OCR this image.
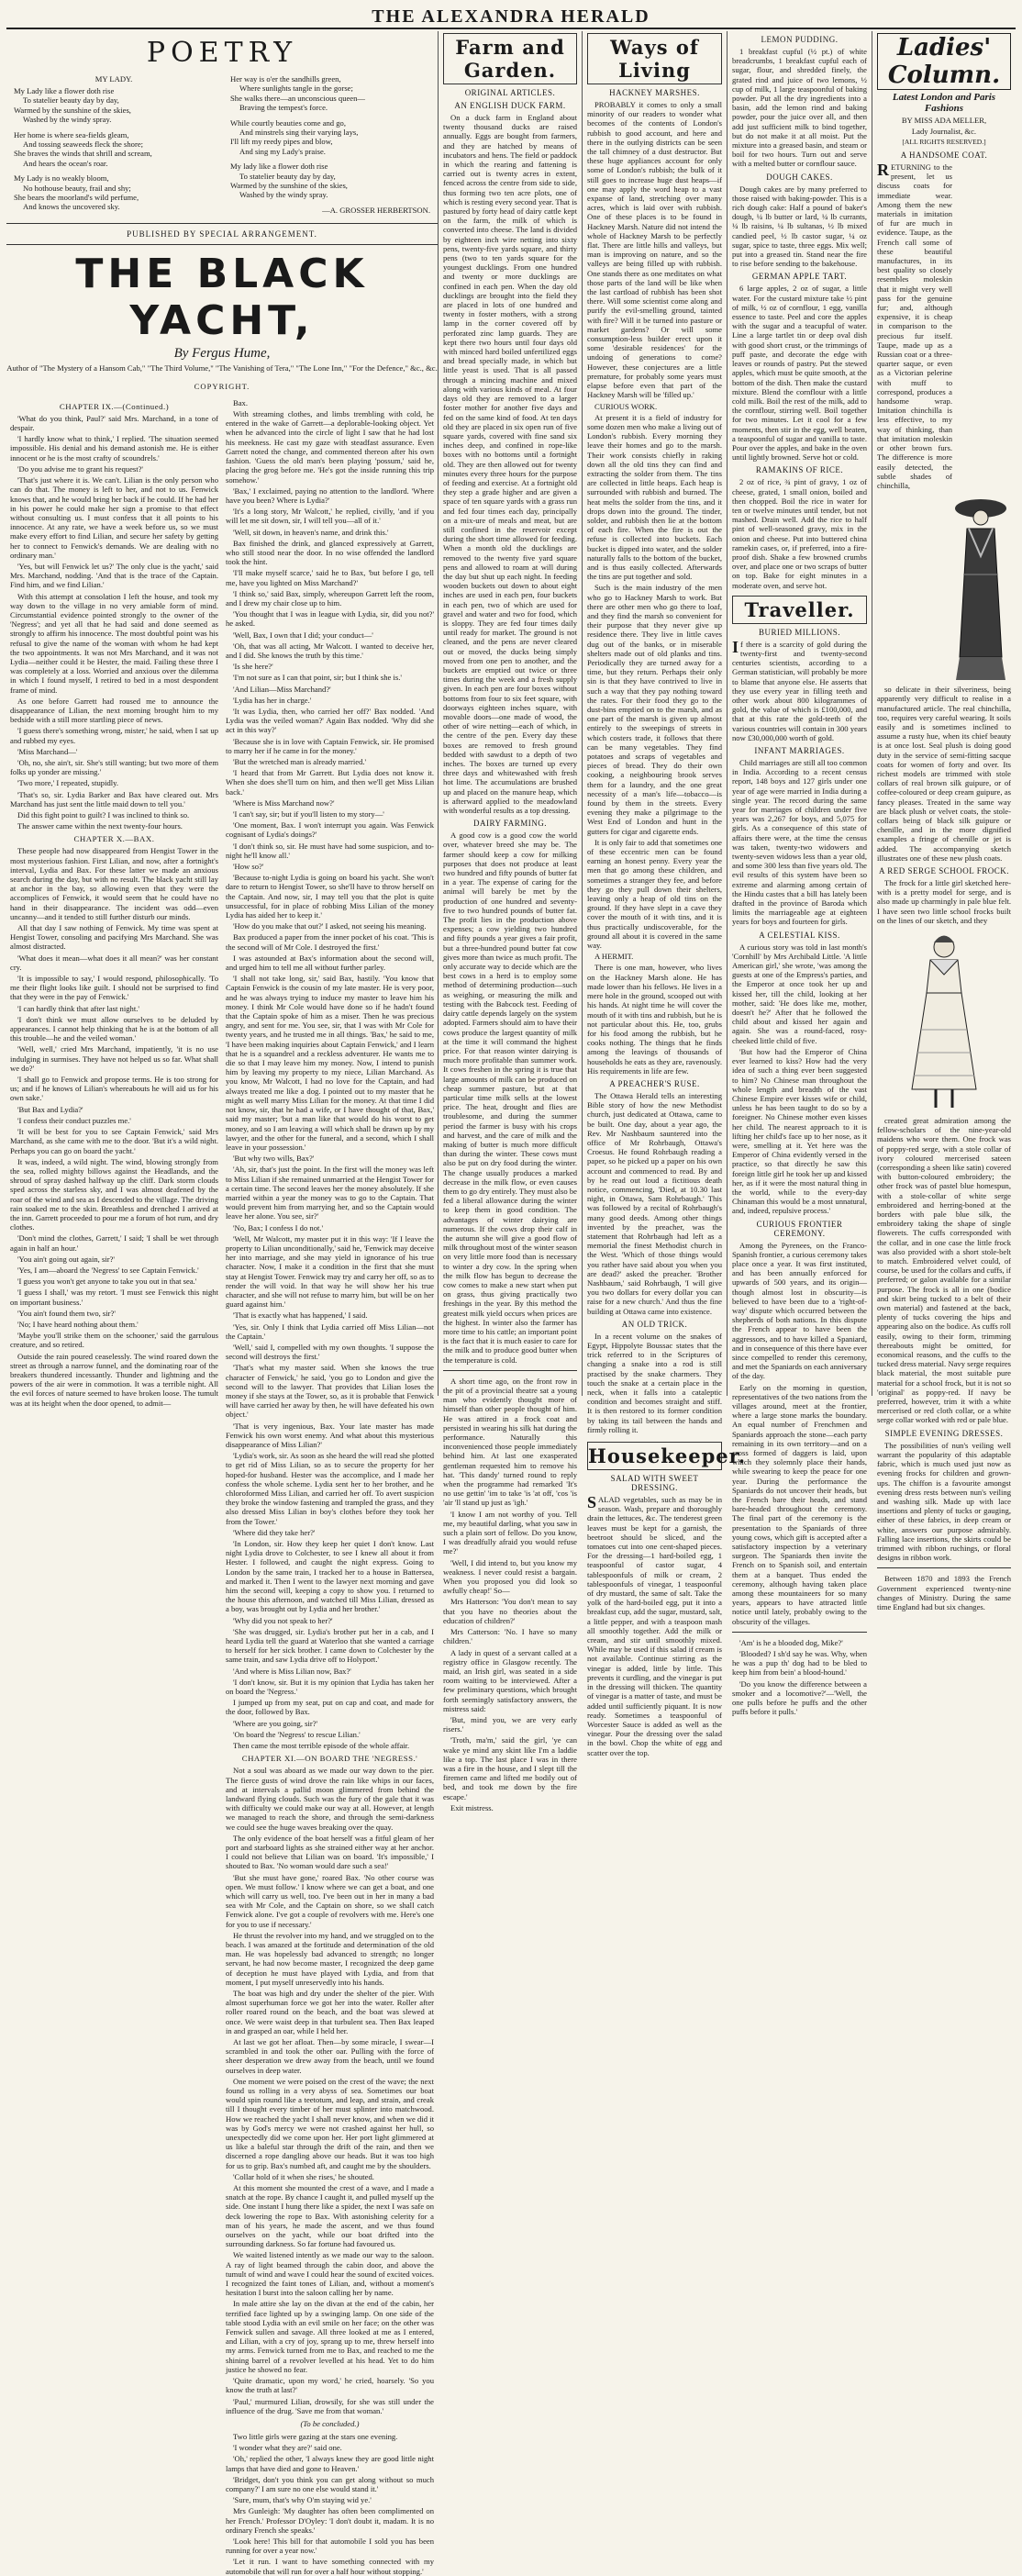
THE ALEXANDRA HERALD
POETRY
MY LADY.
My Lady like a flower doth rise
To statelier beauty day by day,
Warmed by the sunshine of the skies,
Washed by the windy spray.
Her home is where sea-fields gleam,
And tossing seaweeds fleck the shore;
She braves the winds that shrill and scream,
And hears the ocean's roar.
My Lady is no weakly bloom,
No hothouse beauty, frail and shy;
She bears the moorland's wild perfume,
And knows the uncovered sky.
Her way is o'er the sandhills green,
Where sunlights tangle in the gorse;
She walks there—an unconscious queen—
Braving the tempest's force.
While courtly beauties come and go,
And minstrels sing their varying lays,
I'll lift my reedy pipes and blow,
And sing my Lady's praise.
My lady like a flower doth rise
To statelier beauty day by day,
Warmed by the sunshine of the skies,
Washed by the windy spray.
—A. GROSSER HERBERTSON.
PUBLISHED BY SPECIAL ARRANGEMENT.
THE BLACK YACHT,
By Fergus Hume,
Author of "The Mystery of a Hansom Cab," "The Third Volume," "The Vanishing of Tera," "The Lone Inn," "For the Defence," &c., &c.
COPYRIGHT.
CHAPTER IX.—(Continued.)

'What do you think, Paul?' said Mrs. Marchand, in a tone of despair.

'I hardly know what to think,' I replied. 'The situation seemed impossible. His denial and his demand astonish me. He is either innocent or he is the most crafty of scoundrels.'

'Do you advise me to grant his request?'

'That's just where it is. We can't. Lilian is the only person who can do that. The money is left to her, and not to us. Fenwick knows that, and he would bring her back if he could. If he had her in his power he could make her sign a promise to that effect without consulting us. I must confess that it all points to his innocence. At any rate, we have a week before us, so we must make every effort to find Lilian, and secure her safety by getting her to connect to Fenwick's demands. We are dealing with no ordinary man.'

'Yes, but will Fenwick let us?' The only clue is the yacht,' said Mrs. Marchand, nodding. 'And that is the trace of the Captain. Find him, and we find Lilian.'

With this attempt at consolation I left the house, and took my way down to the village in no very amiable form of mind. Circumstantial evidence pointed strongly to the owner of the 'Negress'; and yet all that he had said and done seemed as strongly to affirm his innocence. The most doubtful point was his refusal to give the name of the woman with whom he had kept the two appointments. It was not Mrs Marchand, and it was not Lydia—neither could it be Hester, the maid. Failing these three I was completely at a loss. Worried and anxious over the dilemma in which I found myself, I retired to bed in a most despondent frame of mind.

As one before Garrett had roused me to announce the disappearance of Lilian, the next morning brought him to my bedside with a still more startling piece of news.

'I guess there's something wrong, mister,' he said, when I sat up and rubbed my eyes.

'Miss Marchand—'

'Oh, no, she ain't, sir. She's still wanting; but two more of them folks up yonder are missing.'

'Two more,' I repeated, stupidly.

'That's so, sir. Lydia Barker and Bax have cleared out. Mrs Marchand has just sent the little maid down to tell you.'

Did this fight point to guilt? I was inclined to think so.

The answer came within the next twenty-four hours.

CHAPTER X.—BAX.

These people had now disappeared from Hengist Tower in the most mysterious fashion. First Lilian, and now, after a fortnight's interval, Lydia and Bax. For these latter we made an anxious search during the day, but with no result. The black yacht still lay at anchor in the bay, so allowing even that they were the accomplices of Fenwick, it would seem that he could have no hand in their disappearance. The incident was odd—even uncanny—and it tended to still further disturb our minds.

All that day I saw nothing of Fenwick. My time was spent at Hengist Tower, consoling and pacifying Mrs Marchand. She was almost distracted.

'What does it mean—what does it all mean?' was her constant cry.

'It is impossible to say,' I would respond, philosophically. 'To me their flight looks like guilt. I should not be surprised to find that they were in the pay of Fenwick.'

'I can hardly think that after last night.'

'I don't think we must allow ourselves to be deluded by appearances. I cannot help thinking that he is at the bottom of all this trouble—he and the veiled woman.'

'Well, well,' cried Mrs Marchand, impatiently, 'it is no use indulging in surmises. They have not helped us so far. What shall we do?'

'I shall go to Fenwick and propose terms. He is too strong for us; and if he knows of Lilian's whereabouts he will aid us for his own sake.'

'But Bax and Lydia?'

'I confess their conduct puzzles me.'

'It will be best for you to see Captain Fenwick,' said Mrs Marchand, as she came with me to the door. 'But it's a wild night. Perhaps you can go on board the yacht.'

It was, indeed, a wild night. The wind, blowing strongly from the sea, rolled mighty billows against the Headlands, and the shroud of spray dashed halfway up the cliff. Dark storm clouds sped across the starless sky, and I was almost deafened by the roar of the wind and sea as I descended to the village. The driving rain soaked me to the skin. Breathless and drenched I arrived at the inn. Garrett proceeded to pour me a forum of hot rum, and dry clothes.

'Don't mind the clothes, Garrett,' I said; 'I shall be wet through again in half an hour.'

'You ain't going out again, sir?'

'Yes, I am—aboard the 'Negress' to see Captain Fenwick.'

'I guess you won't get anyone to take you out in that sea.'

'I guess I shall,' was my retort. 'I must see Fenwick this night on important business.'

'You ain't found them two, sir?'

'No; I have heard nothing about them.'

'Maybe you'll strike them on the schooner,' said the garrulous creature, and so retired.

Outside the rain poured ceaselessly. The wind roared down the street as through a narrow funnel, and the dominating roar of the breakers thundered incessantly. Thunder and lightning and the powers of the air were in commotion. It was a terrible night. All the evil forces of nature seemed to have broken loose. The tumult was at its height when the door opened, to admit—

Bax.

With streaming clothes, and limbs trembling with cold, he entered in the wake of Garrett—a deplorable-looking object. Yet when he advanced into the circle of light I saw that he had lost his meekness. He cast my gaze with steadfast assurance. Even Garrett noted the change, and commented thereon after his own fashion. 'Guess the old man's been playing 'possum,' said he, placing the grog before me. 'He's got the inside running this trip somehow.'

'Bax,' I exclaimed, paying no attention to the landlord. 'Where have you been? Where is Lydia?'

'It's a long story, Mr Walcott,' he replied, civilly, 'and if you will let me sit down, sir, I will tell you—all of it.'

'Well, sit down, in heaven's name, and drink this.'

Bax finished the drink, and glanced expressively at Garrett, who still stood near the door. In no wise offended the landlord took the hint.

'I'll make myself scarce,' said he to Bax, 'but before I go, tell me, have you lighted on Miss Marchand?'

'I think so,' said Bax, simply, whereupon Garrett left the room, and I drew my chair close up to him.

'You thought that I was in league with Lydia, sir, did you not?' he asked.

'Well, Bax, I own that I did; your conduct—'

'Oh, that was all acting, Mr Walcott. I wanted to deceive her, and I did. She knows the truth by this time.'

'Is she here?'

'I'm not sure as I can that point, sir; but I think she is.'

'And Lilian—Miss Marchand?'

'Lydia has her in charge.'

'It was Lydia, then, who carried her off?' Bax nodded. 'And Lydia was the veiled woman?' Again Bax nodded. 'Why did she act in this way?'

'Because she is in love with Captain Fenwick, sir. He promised to marry her if he came in for the money.'

'But the wretched man is already married.'

'I heard that from Mr Garrett. But Lydia does not know it. When she does she'll turn on him, and then we'll get Miss Lilian back.'

'Where is Miss Marchand now?'

'I can't say, sir; but if you'll listen to my story—'

'One moment, Bax. I won't interrupt you again. Was Fenwick cognisant of Lydia's doings?'

'I don't think so, sir. He must have had some suspicion, and to-night he'll know all.'

'How so?'

'Because to-night Lydia is going on board his yacht. She won't dare to return to Hengist Tower, so she'll have to throw herself on the Captain. And now, sir, I may tell you that the plot is quite unsuccessful, for in place of robbing Miss Lilian of the money Lydia has aided her to keep it.'

'How do you make that out?' I asked, not seeing his meaning.

Bax produced a paper from the inner pocket of his coat. 'This is the second will of Mr Cole. I destroyed the first.'

I was astounded at Bax's information about the second will, and urged him to tell me all without further parley.

'I shall not take long, sir,' said Bax, hastily. 'You know that Captain Fenwick is the cousin of my late master. He is very poor, and he was always trying to induce my master to leave him his money. I think Mr Cole would have done so if he hadn't found that the Captain spoke of him as a miser. Then he was precious angry, and sent for me. You see, sir, that I was with Mr Cole for twenty years, and he trusted me in all things. 'Bax,' he said to me, 'I have been making inquiries about Captain Fenwick,' and I learn that he is a squandrel and a reckless adventurer. He wants me to die so that I may leave him my money. Now, I intend to punish him by leaving my property to my niece, Lilian Marchand. As you know, Mr Walcott, I had no love for the Captain, and had always treated me like a dog. I pointed out to my master that he might as well marry Miss Lilian for the money. At that time I did not know, sir, that he had a wife, or I have thought of that, Bax,' said my master; 'but a man like that would do his worst to get money, and so I am leaving a will which shall be drawn up by my lawyer, and the other for the funeral, and a second, which I shall leave in your possession.'

'But why two wills, Bax?'

'Ah, sir, that's just the point. In the first will the money was left to Miss Lilian if she remained unmarried at the Hengist Tower for a certain time. The second leaves her the money absolutely. If she married within a year the money was to go to the Captain. That would prevent him from marrying her, and so the Captain would leave her alone. You see, sir?'

'No, Bax; I confess I do not.'

'Well, Mr Walcott, my master put it in this way: 'If I leave the property to Lilian unconditionally,' said he, 'Fenwick may deceive her into marriage, and she may yield in ignorance of his true character. Now, I make it a condition in the first that she must stay at Hengist Tower. Fenwick may try and carry her off, so as to render the will void. In that way he will show her his true character, and she will not refuse to marry him, but will be on her guard against him.'

'That is exactly what has happened,' I said.

'Yes, sir. Only I think that Lydia carried off Miss Lilian—not the Captain.'

'Well,' said I, compelled with my own thoughts. 'I suppose the second will destroys the first.'

'That's what my master said. When she knows the true character of Fenwick,' he said, 'you go to London and give the second will to the lawyer. That provides that Lilian loses the money if she stays at the Tower, so, as it is probable that Fenwick will have carried her away by then, he will have defeated his own object.'

'That is very ingenious, Bax. Your late master has made Fenwick his own worst enemy. And what about this mysterious disappearance of Miss Lilian?'

'Lydia's work, sir. As soon as she heard the will read she plotted to get rid of Miss Lilian, so as to secure the property for her hoped-for husband. Hester was the accomplice, and I made her confess the whole scheme. Lydia sent her to her brother, and he chloroformed Miss Lilian, and carried her off. To avert suspicion they broke the window fastening and trampled the grass, and they also dressed Miss Lilian in boy's clothes before they took her from the Tower.'

'Where did they take her?'

'In London, sir. How they keep her quiet I don't know. Last night Lydia drove to Colchester, to see I knew all about it from Hester. I followed, and caught the night express. Going to London by the same train, I tracked her to a house in Battersea, and marked it. Then I went to the lawyer next morning and gave him the second will, keeping a copy to show you. I returned to the house this afternoon, and watched till Miss Lilian, dressed as a boy, was brought out by Lydia and her brother.'

'Why did you not speak to her?'

'She was drugged, sir. Lydia's brother put her in a cab, and I heard Lydia tell the guard at Waterloo that she wanted a carriage to herself for her sick brother. I came down to Colchester by the same train, and saw Lydia drive off to Holyport.'

'And where is Miss Lilian now, Bax?'

'I don't know, sir. But it is my opinion that Lydia has taken her on board the 'Negress.'

I jumped up from my seat, put on cap and coat, and made for the door, followed by Bax.

'Where are you going, sir?'

'On board the 'Negress' to rescue Lilian.'

Then came the most terrible episode of the whole affair.

CHAPTER XI.—ON BOARD THE 'NEGRESS.'

Not a soul was aboard as we made our way down to the pier. The fierce gusts of wind drove the rain like whips in our faces, and at intervals a pallid moon glimmered from behind the landward flying clouds. Such was the fury of the gale that it was with difficulty we could make our way at all. However, at length we managed to reach the shore, and through the semi-darkness we could see the huge waves breaking over the quay.

The only evidence of the boat herself was a fitful gleam of her port and starboard lights as she strained either way at her anchor. I could not believe that Lilian was on board. 'It's impossible,' I shouted to Bax. 'No woman would dare such a sea!'

'But she must have gone,' roared Bax. 'No other course was open. We must follow.' I know where we can get a boat, and one which will carry us well, too. I've been out in her in many a bad sea with Mr Cole, and the Captain on shore, so we shall catch Fenwick alone. I've got a couple of revolvers with me. Here's one for you to use if necessary.'

He thrust the revolver into my hand, and we struggled on to the beach. I was amazed at the fortitude and determination of the old man. He was hopelessly bad advanced to strength; no longer servant, he had now become master, I recognized the deep game of deception he must have played with Lydia, and from that moment, I put myself unreservedly into his hands.

The boat was high and dry under the shelter of the pier. With almost superhuman force we got her into the water. Roller after roller roared round on the beach, and the boat was slewed at once. We were waist deep in that turbulent sea. Then Bax leaped in and grasped an oar, while I held her.

At last we got her afloat. Then—by some miracle, I swear—I scrambled in and took the other oar. Pulling with the force of sheer desperation we drew away from the beach, until we found ourselves in deep water.

One moment we were poised on the crest of the wave; the next found us rolling in a very abyss of sea. Sometimes our boat would spin round like a teetotum, and leap, and strain, and creak till I thought every timber of her must splinter into matchwood. How we reached the yacht I shall never know, and when we did it was by God's mercy we were not crashed against her hull, so unexpectedly did we come upon her. Her port light glimmered at us like a baleful star through the drift of the rain, and then we discerned a rope dangling above our heads. But it was too high for us to grip. Bax's numbed aft, and caught me by the shoulders.

'Collar hold of it when she rises,' he shouted.

At this moment she mounted the crest of a wave, and I made a snatch at the rope. By chance I caught it, and pulled myself up the side. One instant I hung there like a spider, the next I was safe on deck lowering the rope to Bax. With astonishing celerity for a man of his years, he made the ascent, and we thus found ourselves on the yacht, while our boat drifted into the surrounding darkness. So far fortune had favoured us.

We waited listened intently as we made our way to the saloon. A ray of light beamed through the cabin door, and above the tumult of wind and wave I could hear the sound of excited voices. I recognized the faint tones of Lilian, and, without a moment's hesitation I burst into the saloon calling her by name.

In male attire she lay on the divan at the end of the cabin, her terrified face lighted up by a swinging lamp. On one side of the table stood Lydia with an evil smile on her face; on the other was Fenwick sullen and savage. All three looked at me as I entered, and Lilian, with a cry of joy, sprang up to me, threw herself into my arms. Fenwick turned from me to Bax, and reached to me the shining barrel of a revolver levelled at his head. Yet to do him justice he showed no fear.

'Quite dramatic, upon my word,' he cried, hoarsely. 'So you know the truth at last?'

'Paul,' murmured Lilian, drowsily, for she was still under the influence of the drug. 'Save me from that woman.'

(To be concluded.)

Two little girls were gazing at the stars one evening.

'I wonder what they are?' said one.

'Oh,' replied the other, 'I always knew they are good little night lamps that have died and gone to Heaven.'

'Bridget, don't you think you can get along without so much company?' I am sure no one else would stand it.'

'Sure, mum, that's why O'm staying wid ye.'

Mrs Gunleigh: 'My daughter has often been complimented on her French.' Professor D'Oyley: 'I don't doubt it, madam. It is no ordinary French she speaks.'

'Look here! This bill for that automobile I sold you has been running for over a year now.'

'Let it run. I want to have something connected with my automobile that will run for over a half hour without stopping.'

Farm and Garden.
ORIGINAL ARTICLES.
AN ENGLISH DUCK FARM.

On a duck farm in England about twenty thousand ducks are raised annually. Eggs are bought from farmers, and they are hatched by means of incubators and hens. The field or paddock in which the rearing and fattening is carried out is twenty acres in extent, fenced across the centre from side to side, thus forming two ten acre plots, one of which is resting every second year. That is pastured by forty head of dairy cattle kept on the farm, the milk of which is converted into cheese. The land is divided by eighteen inch wire netting into sixty pens, twenty-five yards square, and thirty pens (two to ten yards square for the youngest ducklings. From one hundred and twenty or more ducklings are confined in each pen. When the day old ducklings are brought into the field they are placed in lots of one hundred and twenty in foster mothers, with a strong lamp in the corner covered off by perforated zinc lamp guards. They are kept there two hours until four days old with minced hard boiled unfertilized eggs and bread specially made, in which but little yeast is used. That is all passed through a mincing machine and mixed along with various kinds of meal. At four days old they are removed to a larger foster mother for another five days and fed on the same kind of food. At ten days old they are placed in six open run of five square yards, covered with fine sand six inches deep, and confined in rope-like boxes with no bottoms until a fortnight old. They are then allowed out for twenty minutes every three hours for the purpose of feeding and exercise. At a fortnight old they step a grade higher and are given a space of ten square yards with a grass run and fed four times each day, principally on a mix-ure of meals and meat, but are still confined in the reservoir except during the short time allowed for feeding. When a month old the ducklings are removed to the twenty five yard square pens and allowed to roam at will during the day but shut up each night. In feeding wooden buckets out down to about eight inches are used in each pen, four buckets in each pen, two of which are used for gravel and water and two for food, which is sloppy. They are fed four times daily until ready for market. The ground is not cleaned, and the pens are never cleared out or moved, the ducks being simply moved from one pen to another, and the buckets are emptied out twice or three times during the week and a fresh supply given. In each pen are four boxes without bottoms from four to six feet square, with doorways eighteen inches square, with movable doors—one made of wood, the other of wire netting—each of which, in the centre of the pen. Every day these boxes are removed to fresh ground bedded with sawdust to a depth of two inches. The boxes are turned up every three days and whitewashed with fresh hot lime. The accumulations are brushed up and placed on the manure heap, which is afterward applied to the meadowland with wonderful results as a top dressing.

DAIRY FARMING.

A good cow is a good cow the world over, whatever breed she may be. The farmer should keep a cow for milking purposes that does not produce at least two hundred and fifty pounds of butter fat in a year. The expense of caring for the animal will barely be met by the production of one hundred and seventy-five to two hundred pounds of butter fat. The profit lies in the production above expenses; a cow yielding two hundred and fifty pounds a year gives a fair profit, but a three-hundred pound butter fat cow gives more than twice as much profit. The only accurate way to decide which are the best cows in a herd is to employ some method of determining production—such as weighing, or measuring the milk and testing with the Babcock test. Feeding of dairy cattle depends largely on the system adopted. Farmers should aim to have their cows produce the largest quantity of milk at the time it will command the highest price. For that reason winter dairying is much more profitable than summer work. It cows freshen in the spring it is true that large amounts of milk can be produced on cheap summer pasture, but at that particular time milk sells at the lowest price. The heat, drought and flies are troublesome, and during the summer period the farmer is busy with his crops and harvest, and the care of milk and the making of butter is much more difficult than during the winter. These cows must also be put on dry food during the winter. The change usually produces a marked decrease in the milk flow, or even causes them to go dry entirely. They must also be fed a liberal allowance during the winter to keep them in good condition. The advantages of winter dairying are numerous. If the cows drop their calf in the autumn she will give a good flow of milk throughout most of the winter season on very little more food than is necessary to winter a dry cow. In the spring when the milk flow has begun to decrease the cow comes to make a new start when put on grass, thus giving practically two freshings in the year. By this method the greatest milk yield occurs when prices are the highest. In winter also the farmer has more time to his cattle; an important point is the fact that it is much easier to care for the milk and to produce good butter when the temperature is cold.

A short time ago, on the front row in the pit of a provincial theatre sat a young man who evidently thought more of himself than other people thought of him. He was attired in a frock coat and persisted in wearing his silk hat during the performance. Naturally this inconvenienced those people immediately behind him. At last one exasperated gentleman requested him to remove his hat. 'This dandy' turned round to reply when the programme had remarked 'It's no use gettin' 'im to take 'is 'at off, 'cos 'is 'air 'll stand up just as 'igh.'

'I know I am not worthy of you. Tell me, my beautiful darling, what you saw in such a plain sort of fellow. Do you know, I was dreadfully afraid you would refuse me?'

'Well, I did intend to, but you know my weakness. I never could resist a bargain. When you proposed you did look so awfully cheap!' So—

Mrs Hatterson: 'You don't mean to say that you have no theories about the education of children?'

Mrs Catterson: 'No. I have so many children.'

A lady in quest of a servant called at a registry office in Glasgow recently. The maid, an Irish girl, was seated in a side room waiting to be interviewed. After a few preliminary questions, which brought forth seemingly satisfactory answers, the mistress said:

'But, mind you, we are very early risers.'

'Troth, ma'm,' said the girl, 'ye can wake ye mind any skint like I'm a laddie like a top. The last place I was in there was a fire in the house, and I slept till the firemen came and lifted me bodily out of bed, and took me down by the fire escape.'

Exit mistress.

Ways of Living
HACKNEY MARSHES.

PROBABLY it comes to only a small minority of our readers to wonder what becomes of the contents of London's rubbish to good account, and here and there in the outlying districts can be seen the tall chimney of a dust destructor. But these huge appliances account for only some of London's rubbish; the bulk of it still goes to increase huge dust heaps—if one may apply the word heap to a vast expanse of land, stretching over many acres, which is laid over with rubbish. One of these places is to be found in Hackney Marsh. Nature did not intend the whole of Hackney Marsh to be perfectly flat. There are little hills and valleys, but man is improving on nature, and so the valleys are being filled up with rubbish. One stands there as one meditates on what those parts of the land will be like when the last cartload of rubbish has been shot there. Will some scientist come along and purify the evil-smelling ground, tainted with fire? Will it be turned into pasture or market gardens? Or will some consumption-less builder erect upon it some 'desirable residences' for the undoing of generations to come? However, these conjectures are a little premature, for probably some years must elapse before even that part of the Hackney Marsh will be 'filled up.'

CURIOUS WORK.

At present it is a field of industry for some dozen men who make a living out of London's rubbish. Every morning they leave their homes and go to the marsh. Their work consists chiefly in raking down all the old tins they can find and extracting the solder from them. The tins are collected in little heaps. Each heap is surrounded with rubbish and burned. The heat melts the solder from the tins, and it drops down into the ground. The tinder, solder, and rubbish then lie at the bottom of each fire. When the fire is out the refuse is collected into buckets. Each bucket is dipped into water, and the solder naturally falls to the bottom of the bucket, and is thus easily collected. Afterwards the tins are put together and sold.

Such is the main industry of the men who go to Hackney Marsh to work. But there are other men who go there to loaf, and they find the marsh so convenient for their purpose that they never give up residence there. They live in little caves dug out of the banks, or in miserable shelters made out of old planks and tins. Periodically they are turned away for a time, but they return. Perhaps their only sin is that they have contrived to live in such a way that they pay nothing toward the rates. For their food they go to the dust-bins emptied on to the marsh, and as one part of the marsh is given up almost entirely to the sweepings of streets in which costers trade, it follows that there can be many vegetables. They find potatoes and scraps of vegetables and pieces of bread. They do their own cooking, a neighbouring brook serves them for a laundry, and the one great necessity of a man's life—tobacco—is found by them in the streets. Every evening they make a pilgrimage to the West End of London and hunt in the gutters for cigar and cigarette ends.

It is only fair to add that sometimes one of these eccentric men can be found earning an honest penny. Every year the men that go among these children, and sometimes a stranger they fee, and before they go they pull down their shelters, leaving only a heap of old tins on the ground. If they have slept in a cave they cover the mouth of it with tins, and it is thus practically undiscoverable, for the ground all about it is covered in the same way.

A HERMIT.

There is one man, however, who lives on the Hackney Marsh alone. He has made lower than his fellows. He lives in a mere hole in the ground, scooped out with his hands. At night time he will cover the mouth of it with tins and rubbish, but he is not particular about this. He, too, grubs for his food among the rubbish, but he cooks nothing. The things that he finds among the leavings of thousands of households he eats as they are, ravenously. His requirements in life are few.

A PREACHER'S RUSE.

The Ottawa Herald tells an interesting Bible story of how the new Methodist church, just dedicated at Ottawa, came to be built. One day, about a year ago, the Rev. Mr Nashbaum sauntered into the office of Mr Rohrbaugh, Ottawa's Croesus. He found Rohrbaugh reading a paper, so he picked up a paper on his own account and commenced to read. By and by he read out loud a fictitious death notice, commencing, 'Died, at 10.30 last night, in Ottawa, Sam Rohrbaugh.' This was followed by a recital of Rohrbaugh's many good deeds. Among other things invented by the preacher, was the statement that Rohrbaugh had left as a memorial the finest Methodist church in the West. 'Which of those things would you rather have said about you when you are dead?' asked the preacher. 'Brother Nashbaum,' said Rohrbaugh, 'I will give you two dollars for every dollar you can raise for a new church.' And thus the fine building at Ottawa came into existence.

AN OLD TRICK.

In a recent volume on the snakes of Egypt, Hippolyte Boussac states that the trick referred to in the Scriptures of changing a snake into a rod is still practised by the snake charmers. They touch the snake at a certain place in the neck, when it falls into a cataleptic condition and becomes straight and stiff. It is then restored to its former condition by taking its tail between the hands and firmly rolling it.

Housekeeper.
SALAD WITH SWEET DRESSING.

SALAD vegetables, such as may be in season. Wash, prepare and thoroughly drain the lettuces, &c. The tenderest green leaves must be kept for a garnish, the beetroot should be sliced, and the tomatoes cut into one cent-shaped pieces. For the dressing—1 hard-boiled egg, 1 teaspoonful of castor sugar, 4 tablespoonfuls of milk or cream, 2 tablespoonfuls of vinegar, 1 teaspoonful of dry mustard, the same of salt. Take the yolk of the hard-boiled egg, put it into a breakfast cup, add the sugar, mustard, salt, a little pepper, and with a teaspoon mash all smoothly together. Add the milk or cream, and stir until smoothly mixed. While may be used if this salad if cream is not available. Continue stirring as the vinegar is added, little by little. This prevents it curdling, and the vinegar is put in the dressing will thicken. The quantity of vinegar is a matter of taste, and must be added until sufficiently piquant. It is now ready. Sometimes a teaspoonful of Worcester Sauce is added as well as the vinegar. Pour the dressing over the salad in the bowl. Chop the white of egg and scatter over the top.

LEMON PUDDING.

1 breakfast cupful (½ pt.) of white breadcrumbs, 1 breakfast cupful each of sugar, flour, and shredded finely, the grated rind and juice of two lemons, ½ cup of milk, 1 large teaspoonful of baking powder. Put all the dry ingredients into a basin, add the lemon rind and baking powder, pour the juice over all, and then add just sufficient milk to bind together, but do not make it at all moist. Put the mixture into a greased basin, and steam or boil for two hours. Turn out and serve with a melted butter or cornflour sauce.

DOUGH CAKES.

Dough cakes are by many preferred to those raised with baking-powder. This is a rich dough cake: Half a pound of baker's dough, ¼ lb butter or lard, ¼ lb currants, ¼ lb raisins, ¼ lb sultanas, ½ lb mixed candied peel, ½ lb castor sugar, ¼ oz sugar, spice to taste, three eggs. Mix well; put into a greased tin. Stand near the fire to rise before sending to the bakehouse.

GERMAN APPLE TART.

6 large apples, 2 oz of sugar, a little water. For the custard mixture take ½ pint of milk, ½ oz of cornflour, 1 egg, vanilla essence to taste. Peel and core the apples with the sugar and a teacupful of water. Line a large tartlet tin or deep oval dish with good short crust, or the trimmings of puff paste, and decorate the edge with leaves or rounds of pastry. Put the stewed apples, which must be quite smooth, at the bottom of the dish. Then make the custard mixture. Blend the cornflour with a little cold milk. Boil the rest of the milk, add to the cornflour, stirring well. Boil together for two minutes. Let it cool for a few moments, then stir in the egg, well beaten, a teaspoonful of sugar and vanilla to taste. Pour over the apples, and bake in the oven until lightly browned. Serve hot or cold.

RAMAKINS OF RICE.

2 oz of rice, ¾ pint of gravy, 1 oz of cheese, grated, 1 small onion, boiled and then chopped. Boil the rice in water for ten or twelve minutes until tender, but not mashed. Drain well. Add the rice to half pint of well-seasoned gravy, mix in the onion and cheese. Put into buttered china ramekin cases, or, if preferred, into a fire-proof dish. Shake a few browned crumbs over, and place one or two scraps of butter on top. Bake for eight minutes in a moderate oven, and serve hot.

Traveller.
BURIED MILLIONS.

If there is a scarcity of gold during the twenty-first and twenty-second centuries scientists, according to a German statistician, will probably be more to blame that anyone else. He asserts that they use every year in filling teeth and other work about 800 kilogrammes of gold, the value of which is £100,000, and that at this rate the gold-teeth of the various countries will contain in 300 years now £30,000,000 worth of gold.

INFANT MARRIAGES.

Child marriages are still all too common in India. According to a recent census report, 148 boys and 127 girls under one year of age were married in India during a single year. The record during the same year for marriages of children under five years was 2,267 for boys, and 5,075 for girls. As a consequence of this state of affairs there were, at the time the census was taken, twenty-two widowers and twenty-seven widows less than a year old, and some 300 less than five years old. The evil results of this system have been so extreme and alarming among certain of the Hindu castes that a bill has lately been drafted in the province of Baroda which limits the marriageable age at eighteen years for boys and fourteen for girls.

A CELESTIAL KISS.

A curious story was told in last month's 'Cornhill' by Mrs Archibald Little. 'A little American girl,' she wrote, 'was among the guests at one of the Empress's parties, and the Emperor at once took her up and kissed her, till the child, looking at her mother, said: 'He does like me, mother, doesn't he?' After that he followed the child about and kissed her again and again. She was a round-faced, rosy-cheeked little child of five.

'But how had the Emperor of China ever learned to kiss? How had the very idea of such a thing ever been suggested to him? No Chinese man throughout the whole length and breadth of the vast Chinese Empire ever kisses wife or child, unless he has been taught to do so by a foreigner. No Chinese mother even kisses her child. The nearest approach to it is lifting her child's face up to her nose, as it were, smelling at it. Yet here was the Emperor of China evidently versed in the practice, so that directly he saw this foreign little girl he took her up and kissed her, as if it were the most natural thing in the world, while to the every-day Chinaman this would be a most unnatural, and, indeed, repulsive process.'

CURIOUS FRONTIER CEREMONY.

Among the Pyrenees, on the Franco-Spanish frontier, a curious ceremony takes place once a year. It was first instituted, and has been annually enforced for upwards of 500 years, and its origin—though almost lost in obscurity—is believed to have been due to a 'right-of-way' dispute which occurred between the shepherds of both nations. In this dispute the French appear to have been the aggressors, and to have killed a Spaniard, and in consequence of this there have ever since compelled to render this ceremony, and met the Spaniards on each anniversary of the day.

Early on the morning in question, representatives of the two nations from the villages around, meet at the frontier, where a large stone marks the boundary. An equal number of Frenchmen and Spaniards approach the stone—each party remaining in its own territory—and on a cross formed of daggers is laid, upon which they solemnly place their hands, while swearing to keep the peace for one year. During the performance the Spaniards do not uncover their heads, but the French bare their heads, and stand bare-headed throughout the ceremony. The final part of the ceremony is the presentation to the Spaniards of three young cows, which gift is accepted after a satisfactory inspection by a veterinary surgeon. The Spaniards then invite the French on to Spanish soil, and entertain them at a banquet. Thus ended the ceremony, although having taken place among these mountaineers for so many years, appears to have attracted little notice until lately, probably owing to the obscurity of the villages.

'Am' is he a blooded dog, Mike?'

'Blooded? I sh'd say he was. Why, when he was a pup th' dog had to be bled to keep him from bein' a blood-hound.'

'Do you know the difference between a smoker and a locomotive?'—'Well, the one pulls before he puffs and the other puffs before it pulls.'

Ladies' Column.
Latest London and Paris Fashions
BY MISS ADA MELLER,
Lady Journalist, &c.
[ALL RIGHTS RESERVED.]
A HANDSOME COAT.

RETURNING to the present, let us discuss coats for immediate wear. Among them the new materials in imitation of fur are much in evidence. Taupe, as the French call some of these beautiful manufactures, in its best quality so closely resembles moleskin that it might very well pass for the genuine fur; and, although expensive, it is cheap in comparison to the precious fur itself. Taupe, made up as a Russian coat or a three-quarter saque, or even as a Victorian pelerine with muff to correspond, produces a handsome wrap. Imitation chinchilla is less effective, to my way of thinking, than that imitation moleskin or other brown furs. The difference is more easily detected, the subtle shades of chinchilla,

so delicate in their silveriness, being apparently very difficult to realise in a manufactured article. The real chinchilla, too, requires very careful wearing. It soils easily and is sometimes inclined to assume a rusty hue, when its chief beauty is at once lost. Seal plush is doing good duty in the service of semi-fitting sacque coats for women of forty and over. Its richest models are trimmed with stole collars of real brown silk guipure, or of coffee-coloured or deep cream guipure, as fancy pleases. Treated in the same way are black plush or velvet coats, the stole-collars being of black silk guipure or chenille, and in the more dignified examples a fringe of chenille or jet is added. The accompanying sketch illustrates one of these new plush coats.

A RED SERGE SCHOOL FROCK.

The frock for a little girl sketched here-with is a pretty model for serge, and is also made up charmingly in pale blue felt. I have seen two little school frocks built on the lines of our sketch, and they

created great admiration among the fellow-scholars of the nine-year-old maidens who wore them. One frock was of poppy-red serge, with a stole collar of ivory coloured mercerised sateen (corresponding a sheen like satin) covered with button-coloured embroidery; the other frock was of pastel blue homespun, with a stole-collar of white serge embroidered and herring-boned at the borders with pale blue silk, the embroidery taking the shape of single flowerets. The cuffs corresponded with the collar, and in one case the little frock was also provided with a short stole-belt to match. Embroidered velvet could, of course, be used for the collars and cuffs, if preferred; or galon available for a similar purpose. The frock is all in one (bodice and skirt being tucked to a belt of their own material) and fastened at the back, plenty of tucks covering the hips and appearing also on the bodice. As cuffs roll easily, owing to their form, trimming thereabouts might be omitted, for economical reasons, and the cuffs to the tucked dress material. Navy serge requires black material, the most suitable pure material for a school frock, but it is not so 'original' as poppy-red. If navy be preferred, however, trim it with a white mercerised or red cloth collar, or a white serge collar worked with red or pale blue.

SIMPLE EVENING DRESSES.

The possibilities of nun's veiling well warrant the popularity of this adaptable fabric, which is much used just now as evening frocks for children and grown-ups. The chiffon is a favourite amongst evening dress rests between nun's veiling and washing silk. Made up with lace insertions and plenty of tucks or gauging, either of these fabrics, in deep cream or white, answers our purpose admirably. Falling lace insertions, the skirts could be trimmed with ribbon ruchings, or floral designs in ribbon work.

Between 1870 and 1893 the French Government experienced twenty-nine changes of Ministry. During the same time England had but six changes.
